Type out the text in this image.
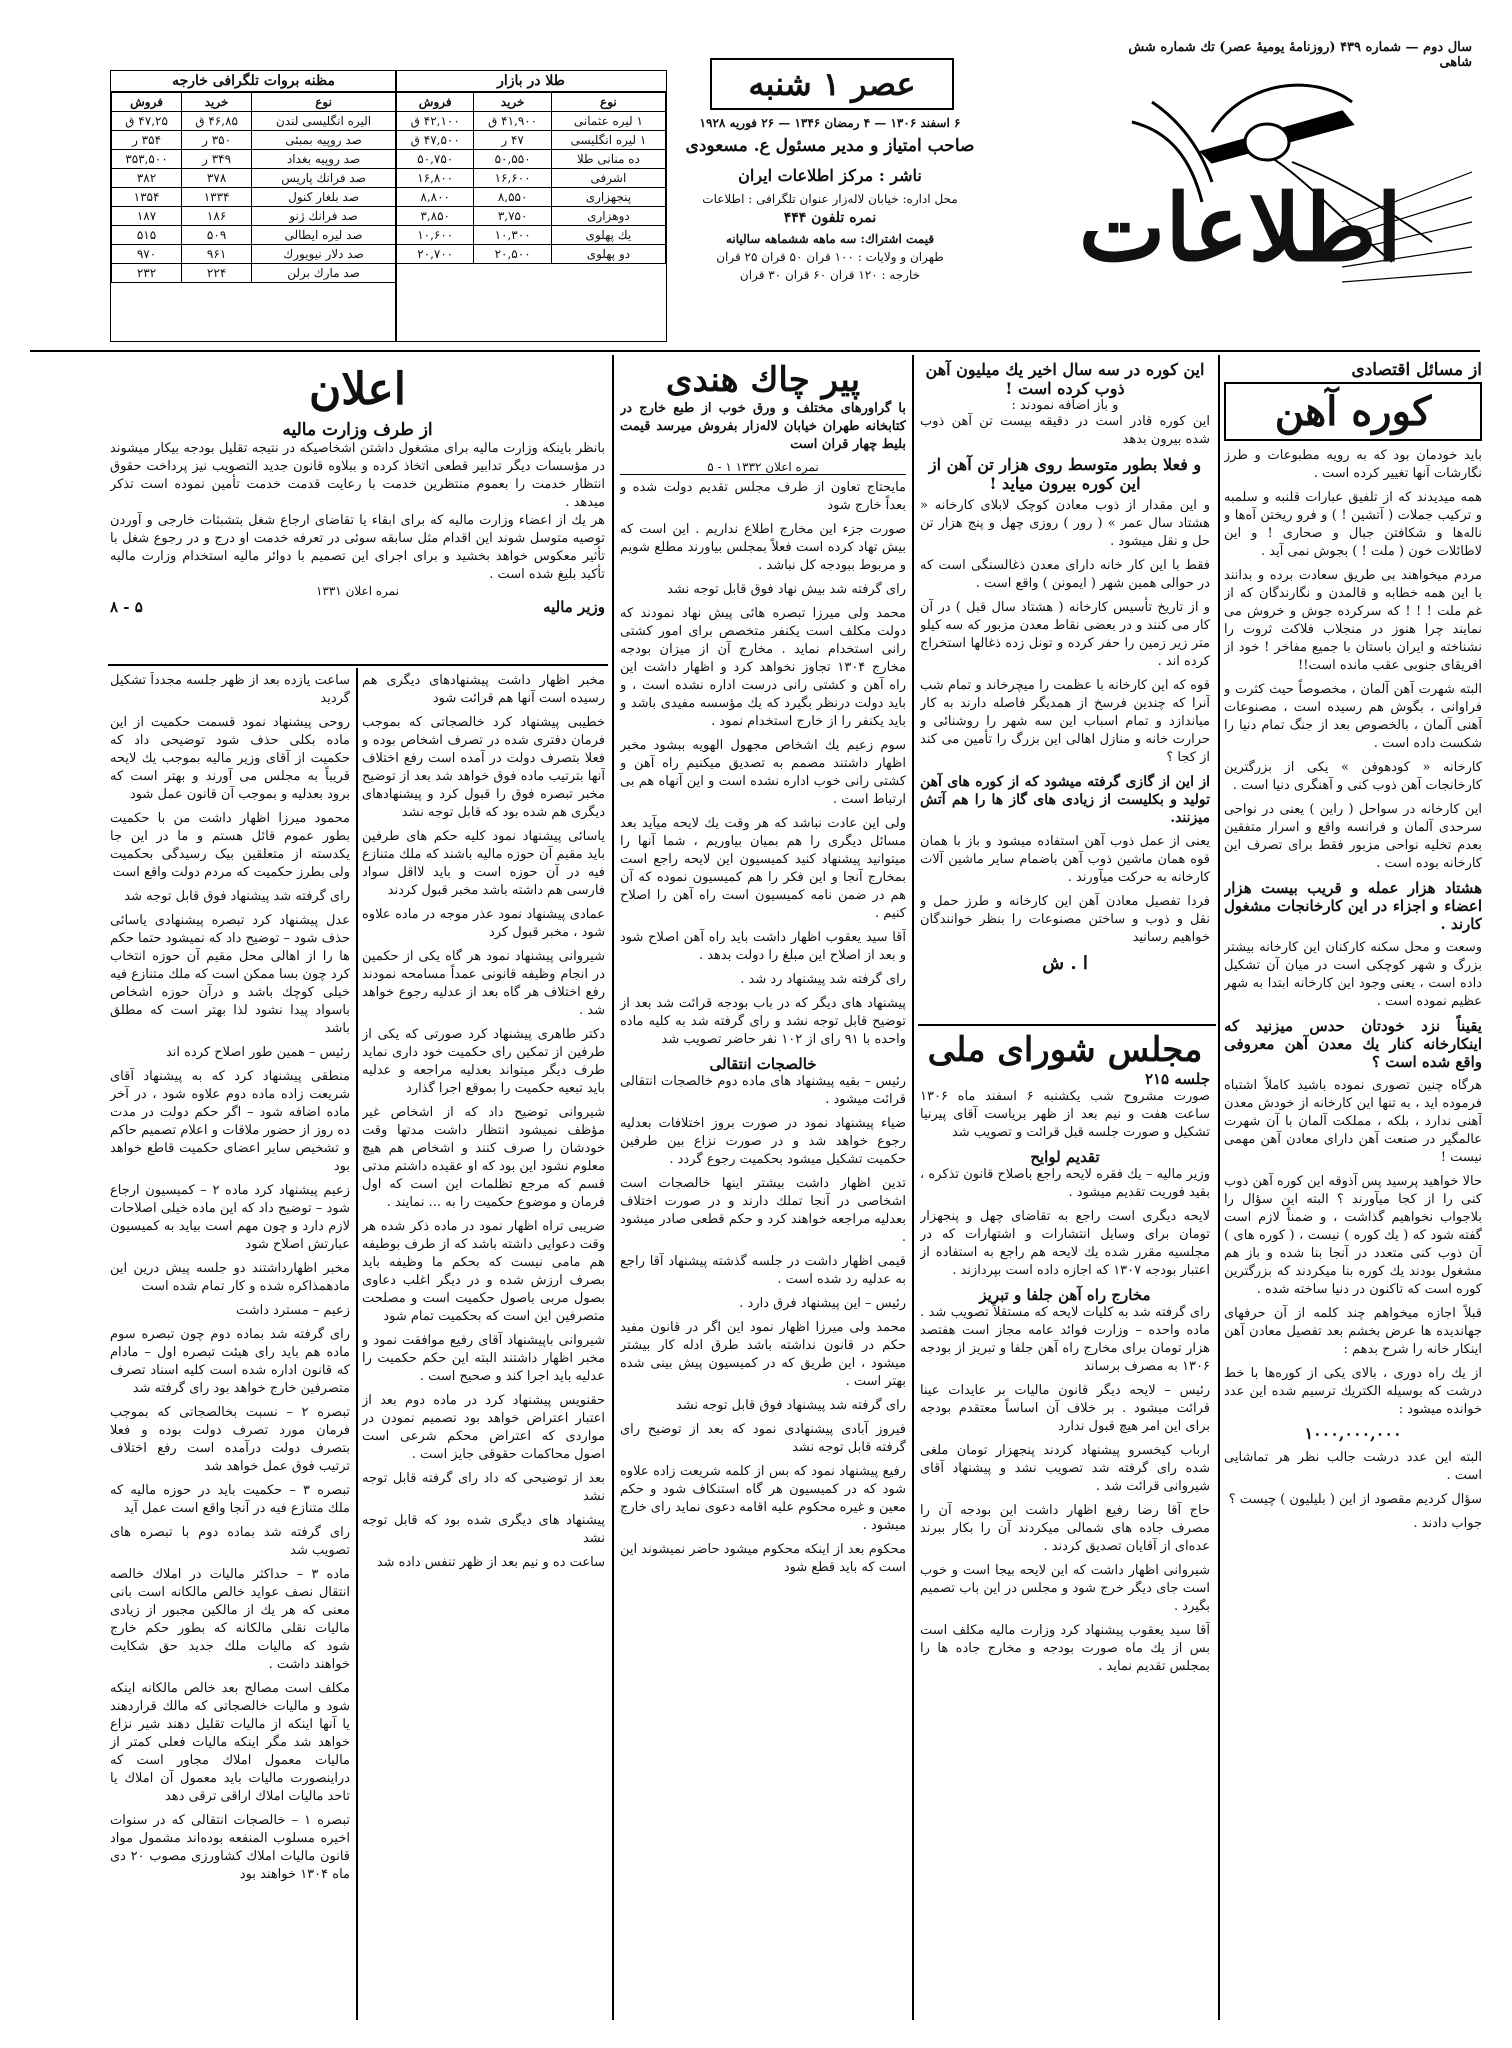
سال دوم — شماره ۴۳۹ (روزنامهٔ یومیهٔ عصر) تك شماره شش شاهی
اطلاعات
عصر ۱ شنبه
۶ اسفند ۱۳۰۶ — ۴ رمضان ۱۳۴۶ — ۲۶ فوریه ۱۹۲۸
صاحب امتیاز و مدیر مسئول ع. مسعودی
ناشر : مرکز اطلاعات ایران
محل اداره: خیابان لاله‌زار عنوان تلگرافی : اطلاعات
نمره تلفون ۴۴۴
قیمت اشتراك: سه ماهه ششماهه سالیانه
طهران و ولایات : ۱۰۰ قران ۵۰ قران ۲۵ قران
خارجه : ۱۲۰ قران ۶۰ قران ۳۰ قران
طلا در بازار
نوع	خرید	فروش
۱ لیره عثمانی	۴۱,۹۰۰ ق	۴۲,۱۰۰ ق
۱ لیره انگلیسی	۴۷ ر	۴۷,۵۰۰ ق
ده منانی طلا	۵۰,۵۵۰	۵۰,۷۵۰
اشرفی	۱۶,۶۰۰	۱۶,۸۰۰
پنجهزاری	۸,۵۵۰	۸,۸۰۰
دوهزاری	۳,۷۵۰	۳,۸۵۰
یك پهلوی	۱۰,۳۰۰	۱۰,۶۰۰
دو پهلوی	۲۰,۵۰۰	۲۰,۷۰۰
مظنه بروات تلگرافی خارجه
نوع	خرید	فروش
الیره انگلیسی لندن	۴۶,۸۵ ق	۴۷,۲۵ ق
صد روپیه بمبئی	۳۵۰ ر	۳۵۴ ر
صد روپیه بغداد	۳۴۹ ر	۳۵۳,۵۰۰
صد فرانك پاریس	۳۷۸	۳۸۲
صد بلغار کنول	۱۳۳۴	۱۳۵۴
صد فرانك ژنو	۱۸۶	۱۸۷
صد لیره ایطالی	۵۰۹	۵۱۵
صد دلار نیویورك	۹۶۱	۹۷۰
صد مارك برلن	۲۲۴	۲۳۲
از مسائل اقتصادی
کوره آهن

باید خودمان بود که به رویه مطبوعات و طرز نگارشات آنها تغییر کرده است .

همه میدیدند که از تلفیق عبارات قلنبه و سلمبه و ترکیب جملات ( آتشین ! ) و فرو ریختن آه‌ها و ناله‌ها و شکافتن جبال و صحاری ! و این لاطائلات خون ( ملت ! ) بجوش نمی آید .

مردم میخواهند بی طریق سعادت برده و بدانند با این همه خطابه و قالمدن و نگارندگان که از غم ملت ! ! ! که سرکرده جوش و خروش می نمایند چرا هنوز در منجلاب فلاکت ثروت را نشناخته و ایران باستان با جمیع مفاخر ! خود از افریقای جنوبی عقب مانده است!!

البته شهرت آهن آلمان ، مخصوصاً حیث کثرت و فراوانی ، بگوش هم رسیده است ، مصنوعات آهنی آلمان ، بالخصوص بعد از جنگ تمام دنیا را شکست داده است .

کارخانه « کودهوفن » یکی از بزرگترین کارخانجات آهن ذوب کنی و آهنگری دنیا است .

این کارخانه در سواحل ( راین ) یعنی در نواحی سرحدی آلمان و فرانسه واقع و اسرار متفقین بعدم تخلیه نواحی مزبور فقط برای تصرف این کارخانه بوده است .

هشتاد هزار عمله و قریب بیست هزار اعضاء و اجزاء در این کارخانجات مشغول کارند .

وسعت و محل سکنه کارکنان این کارخانه بیشتر بزرگ و شهر کوچکی است در میان آن تشکیل داده است ، یعنی وجود این کارخانه ابتدا به شهر عظیم نموده است .

یقیناً نزد خودتان حدس میزنید که اینکارخانه کنار یك معدن آهن معروفی واقع شده است ؟

هرگاه چنین تصوری نموده باشید کاملاً اشتباه فرموده اید ، به تنها این کارخانه از خودش معدن آهنی ندارد ، بلکه ، مملکت آلمان با آن شهرت عالمگیر در صنعت آهن دارای معادن آهن مهمی نیست !

حالا خواهید پرسید پس آذوقه این کوره آهن ذوب کنی را از کجا میآورند ؟ البته این سؤال را بلاجواب نخواهیم گذاشت ، و ضمناً لازم است گفته شود که ( یك کوره ) نیست ، ( کوره های ) آن ذوب کنی متعدد در آنجا بنا شده و باز هم مشغول بودند یك کوره بنا میکردند که بزرگترین کوره است که تاکنون در دنیا ساخته شده .

قبلاً اجازه میخواهم چند کلمه از آن حرفهای جهاندیده ها عرض بخشم بعد تفصیل معادن آهن اینکار خانه را شرح بدهم :

از یك راه دوری ، بالای یکی از کوره‌ها با خط درشت که بوسیله الکتریك ترسیم شده این عدد خوانده میشود :

۱۰۰۰,۰۰۰,۰۰۰

البته این عدد درشت جالب نظر هر تماشایی است .

سؤال کردیم مقصود از این ( بلیلیون ) چیست ؟

جواب دادند .

این کوره در سه سال اخیر یك میلیون آهن ذوب کرده است !
و باز اضافه نمودند :

این کوره قادر است در دقیقه بیست تن آهن ذوب شده بیرون بدهد

و فعلا بطور متوسط روی هزار تن آهن از این کوره بیرون میاید !

و این مقدار از ذوب معادن کوچک لابلای کارخانه « هشتاد سال عمر » ( رور ) روزی چهل و پنج هزار تن حل و نقل میشود .

فقط با این کار خانه دارای معدن ذغالسنگی است که در حوالی همین شهر ( ایمونن ) واقع است .

و از تاریخ تأسیس کارخانه ( هشتاد سال قبل ) در آن کار می کنند و در بعضی نقاط معدن مزبور که سه کیلو متر زیر زمین را حفر کرده و تونل زده ذغالها استخراج کرده اند .

قوه که این کارخانه با عظمت را میچرخاند و تمام شب آنرا که چندین فرسخ از همدیگر فاصله دارند به کار میاندازد و تمام اسباب این سه شهر را روشنائی و حرارت خانه و منازل اهالی این بزرگ را تأمین می کند از کجا ؟

از این از گازی گرفته میشود که از کوره های آهن تولید و بکلیست از زیادی های گاز ها را هم آتش میزنند.

یعنی از عمل ذوب آهن استفاده میشود و باز با همان قوه همان ماشین ذوب آهن باضمام سایر ماشین آلات کارخانه به حرکت میآورند .

فردا تفصیل معادن آهن این کارخانه و طرز حمل و نقل و ذوب و ساختن مصنوعات را بنظر خوانندگان خواهیم رسانید

ا . ش
مجلس شورای ملی
جلسه ۲۱۵

صورت مشروح شب یکشنبه ۶ اسفند ماه ۱۳۰۶ ساعت هفت و نیم بعد از ظهر بریاست آقای پیرنیا تشکیل و صورت جلسه قبل قرائت و تصویب شد

تقدیم لوایح

وزیر مالیه – یك فقره لایحه راجع باصلاح قانون تذکره ، بقید فوریت تقدیم میشود .

لایحه دیگری است راجع به تقاضای چهل و پنجهزار تومان برای وسایل انتشارات و اشتهارات که در مجلسیه مقرر شده یك لایحه هم راجع به استفاده از اعتبار بودجه ۱۳۰۷ که اجازه داده است بپردازند .

مخارج راه آهن جلفا و تبریز

رای گرفته شد به کلیات لایحه که مستقلاً تصویب شد . ماده واحده – وزارت فوائد عامه مجاز است هفتصد هزار تومان برای مخارج راه آهن جلفا و تبریز از بودجه ۱۳۰۶ به مصرف برساند

رئیس – لایحه دیگر قانون مالیات بر عایدات عینا قرائت میشود . بر خلاف آن اساساً معتقدم بودجه برای این امر هیچ قبول ندارد

ارباب کیخسرو پیشنهاد کردند پنجهزار تومان ملغی شده رای گرفته شد تصویب نشد و پیشنهاد آقای شیروانی قرائت شد .

حاج آقا رضا رفیع اظهار داشت این بودجه آن را مصرف جاده های شمالی میکردند آن را بکار ببرند عده‌ای از آقایان تصدیق کردند .

شیروانی اظهار داشت که این لایحه بیجا است و خوب است جای دیگر خرج شود و مجلس در این باب تصمیم بگیرد .

آقا سید یعقوب پیشنهاد کرد وزارت مالیه مکلف است بس از یك ماه صورت بودجه و مخارج جاده ها را بمجلس تقدیم نماید .

پیر چاك هندی

با گراورهای مختلف و ورق خوب از طبع خارج در کتابخانه طهران خیابان لاله‌زار بفروش میرسد قیمت بلیط چهار قران است

نمره اعلان ۱۳۳۲ ۱ - ۵

مایحتاج تعاون از طرف مجلس تقدیم دولت شده و بعداً خارج شود

صورت جزء این مخارج اطلاع نداریم . این است که بیش تهاد کرده است فعلاً بمجلس بیاورند مطلع شویم و مربوط ببودجه کل نباشد .

رای گرفته شد بیش نهاد فوق قابل توجه نشد

محمد ولی میرزا تبصره هائی پیش نهاد نمودند که دولت مکلف است یکنفر متخصص برای امور کشتی رانی استخدام نماید . مخارج آن از میزان بودجه مخارج ۱۳۰۴ تجاوز نخواهد کرد و اظهار داشت این راه آهن و کشتی رانی درست اداره نشده است ، و باید دولت درنظر بگیرد که یك مؤسسه مفیدی باشد و باید یکنفر را از خارج استخدام نمود .

سوم زعیم یك اشخاص مجهول الهویه ببشود مخبر اظهار داشتند مصمم به تصدیق میکنیم راه آهن و کشتی رانی خوب اداره نشده است و این آنهاه هم بی ارتباط است .

ولی این عادت نباشد که هر وقت یك لایحه میآید بعد مسائل دیگری را هم بمیان بیاوریم ، شما آنها را میتوانید پیشنهاد کنید کمیسیون این لایحه راجع است بمخارج آنجا و این فکر را هم کمیسیون نموده که آن هم در ضمن نامه کمیسیون است راه آهن را اصلاح کنیم .

آقا سید یعقوب اظهار داشت باید راه آهن اصلاح شود و بعد از اصلاح این مبلغ را دولت بدهد .

رای گرفته شد پیشنهاد رد شد .

پیشنهاد های دیگر که در باب بودجه قرائت شد بعد از توضیح قابل توجه نشد و رای گرفته شد به کلیه ماده واحده با ۹۱ رای از ۱۰۲ نفر حاضر تصویب شد

خالصجات انتقالی

رئیس – بقیه پیشنهاد های ماده دوم خالصجات انتقالی قرائت میشود .

ضیاء پیشنهاد نمود در صورت بروز اختلافات بعدلیه رجوع خواهد شد و در صورت نزاع بین طرفین حکمیت تشکیل میشود بحکمیت رجوع گردد .

تدین اظهار داشت بیشتر اینها خالصجات است اشخاصی در آنجا تملك دارند و در صورت اختلاف بعدلیه مراجعه خواهند کرد و حکم قطعی صادر میشود .

قیمی اظهار داشت در جلسه گذشته پیشنهاد آقا راجع به عدلیه رد شده است .

رئیس – این پیشنهاد فرق دارد .

محمد ولی میرزا اظهار نمود این اگر در قانون مفید حکم در قانون نداشته باشد طرق ادله کار بیشتر میشود ، این طریق که در کمیسیون پیش بینی شده بهتر است .

رای گرفته شد پیشنهاد فوق قابل توجه نشد

فیروز آبادی پیشنهادی نمود که بعد از توضیح رای گرفته قابل توجه نشد

رفیع پیشنهاد نمود که بس از کلمه شریعت زاده علاوه شود که در کمیسیون هر گاه استنکاف شود و حکم معین و غیره محکوم علیه اقامه دعوی نماید رای خارج میشود .

محکوم بعد از اینکه محکوم میشود حاضر نمیشوند این است که باید قطع شود

اعلان
از طرف وزارت مالیه

بانظر باینکه وزارت مالیه برای مشغول داشتن اشخاصیکه در نتیجه تقلیل بودجه بیکار میشوند در مؤسسات دیگر تدابیر قطعی اتخاذ کرده و ببلاوه قانون جدید التصویب نیز پرداخت حقوق انتظار خدمت را بعموم منتظرین خدمت با رعایت قدمت خدمت تأمین نموده است تذکر میدهد .

هر یك از اعضاء وزارت مالیه که برای ابقاء یا تقاضای ارجاع شغل بتشبثات خارجی و آوردن توصیه متوسل شوند این اقدام مثل سابقه سوئی در تعرفه خدمت او درج و در رجوع شغل با تأثیر معکوس خواهد بخشید و برای اجرای این تصمیم با دوائر مالیه استخدام وزارت مالیه تأکید بلیغ شده است .

نمره اعلان ۱۳۳۱
وزیر مالیه
۵ - ۸

مخبر اظهار داشت پیشنهادهای دیگری هم رسیده است آنها هم قرائت شود

خطیبی پیشنهاد کرد خالصجاتی که بموجب فرمان دفتری شده در تصرف اشخاص بوده و فعلا بتصرف دولت در آمده است رفع اختلاف آنها بترتیب ماده فوق خواهد شد بعد از توضیح مخبر تبصره فوق را قبول کرد و پیشنهادهای دیگری هم شده بود که قابل توجه نشد

یاسائی پیشنهاد نمود کلیه حکم های طرفین باید مقیم آن حوزه ماليه باشند که ملك متنازع فیه در آن حوزه است و باید لااقل سواد فارسی هم داشته باشد مخبر قبول کردند

عمادی پیشنهاد نمود عذر موجه در ماده علاوه شود ، مخبر قبول کرد

شیروانی پیشنهاد نمود هر گاه یکی از حکمین در انجام وظیفه قانونی عمداً مسامحه نمودند رفع اختلاف هر گاه بعد از عدلیه رجوع خواهد شد .

دکتر طاهری پیشنهاد کرد صورتی که یکی از طرفین از تمکین رای حکمیت خود داری نماید طرف دیگر میتواند بعدلیه مراجعه و عدلیه باید تبعیه حکمیت را بموقع اجرا گذارد

شیروانی توضیح داد که از اشخاص غیر مؤظف نمیشود انتظار داشت مدتها وقت خودشان را صرف کنند و اشخاص هم هیچ معلوم نشود این بود که او عقیده داشتم مدتی قسم که مرجع تظلمات این است که اول فرمان و موضوع حکمیت را به ... نمایند .

ضریبی تراه اظهار نمود در ماده ذکر شده هر وقت دعوایی داشته باشد که از طرف بوطیفه هم مامی نیست که بحکم ما وظیفه باید بصرف ارزش شده و در دیگر اغلب دعاوی بصول مربی باصول حکمیت است و مصلحت متصرفین این است که بحکمیت تمام شود

شیروانی باپیشنهاد آقای رفیع موافقت نمود و مخبر اظهار داشتند البته این حکم حکمیت را عدلیه باید اجرا کند و صحیح است .

حقنویس پیشنهاد کرد در ماده دوم بعد از اعتبار اعتراض خواهد بود تصمیم نمودن در مواردی که اعتراض محکم شرعی است اصول محاکمات حقوقی جایز است .

بعد از توضیحی که داد رای گرفته قابل توجه نشد

پیشنهاد های دیگری شده بود که قابل توجه نشد

ساعت ده و نیم بعد از ظهر تنفس داده شد

ساعت یازده بعد از ظهر جلسه مجدداً تشکیل گردید

روحی پیشنهاد نمود قسمت حکمیت از این ماده بکلی حذف شود توضیحی داد که حکمیت از آقای وزیر مالیه بموجب یك لایحه قریباً به مجلس می آورند و بهتر است که برود بعدلیه و بموجب آن قانون عمل شود

محمود میرزا اظهار داشت من با حکمیت بطور عموم قائل هستم و ما در این جا یکدسته از متعلقین بیک رسیدگی بحکمیت ولی بطرز حکمیت که مردم دولت واقع است

رای گرفته شد پیشنهاد فوق قابل توجه شد

عدل پیشنهاد کرد تبصره پیشنهادی یاسائی حذف شود – توضیح داد که نمیشود حتما حکم ها را از اهالی محل مقیم آن حوزه انتخاب کرد چون بسا ممکن است که ملك متنازع فیه خیلی کوچك باشد و درآن حوزه اشخاص باسواد پیدا نشود لذا بهتر است که مطلق باشد

رئیس – همین طور اصلاح کرده اند

منطقی پیشنهاد کرد که به پیشنهاد آقای شریعت زاده ماده دوم علاوه شود ، در آخر ماده اضافه شود – اگر حکم دولت در مدت ده روز از حضور ملاقات و اعلام تصمیم حاکم و تشخیص سایر اعضای حکمیت قاطع خواهد بود

زعیم پیشنهاد کرد ماده ۲ – کمیسیون ارجاع شود – توضیح داد که این ماده خیلی اصلاحات لازم دارد و چون مهم است بیاید به کمیسیون عبارتش اصلاح شود

مخبر اظهارداشتند دو جلسه پیش درین این مادهمذاکره شده و کار تمام شده است

زعیم – مسترد داشت

رای گرفته شد بماده دوم چون تبصره سوم ماده هم باید رای هیئت تبصره اول – مادام که قانون اداره شده است کلیه اسناد تصرف متصرفین خارج خواهد بود رای گرفته شد

تبصره ۲ – نسبت بخالصجاتی که بموجب فرمان مورد تصرف دولت بوده و فعلا بتصرف دولت درآمده است رفع اختلاف ترتیب فوق عمل خواهد شد

تبصره ۳ – حکمیت باید در حوزه مالیه که ملك متنازع فیه در آنجا واقع است عمل آید

رای گرفته شد بماده دوم با تبصره های تصویب شد

ماده ۳ – حداکثر مالیات در املاك خالصه انتقال نصف عواید خالص مالکانه است بانی معنی که هر یك از مالکین مجبور از زیادی مالیات نقلی مالکانه که بطور حکم خارج شود که مالیات ملك جدید حق شکایت خواهند داشت .

مکلف است مصالح بعد خالص مالکانه اینکه شود و مالیات خالصجاتی که مالك قراردهند یا آنها اینکه از مالیات تقلیل دهند شیر نزاع خواهد شد مگر اینکه مالیات فعلی کمتر از مالیات معمول املاك مجاور است که دراینصورت مالیات باید معمول آن املاك یا تاحد مالیات املاك اراقی ترقی دهد

تبصره ۱ – خالصجات انتقالی که در سنوات اخیره مسلوب المنفعه بوده‌اند مشمول مواد قانون مالیات املاك کشاورزی مصوب ۲۰ دی ماه ۱۳۰۴ خواهند بود
